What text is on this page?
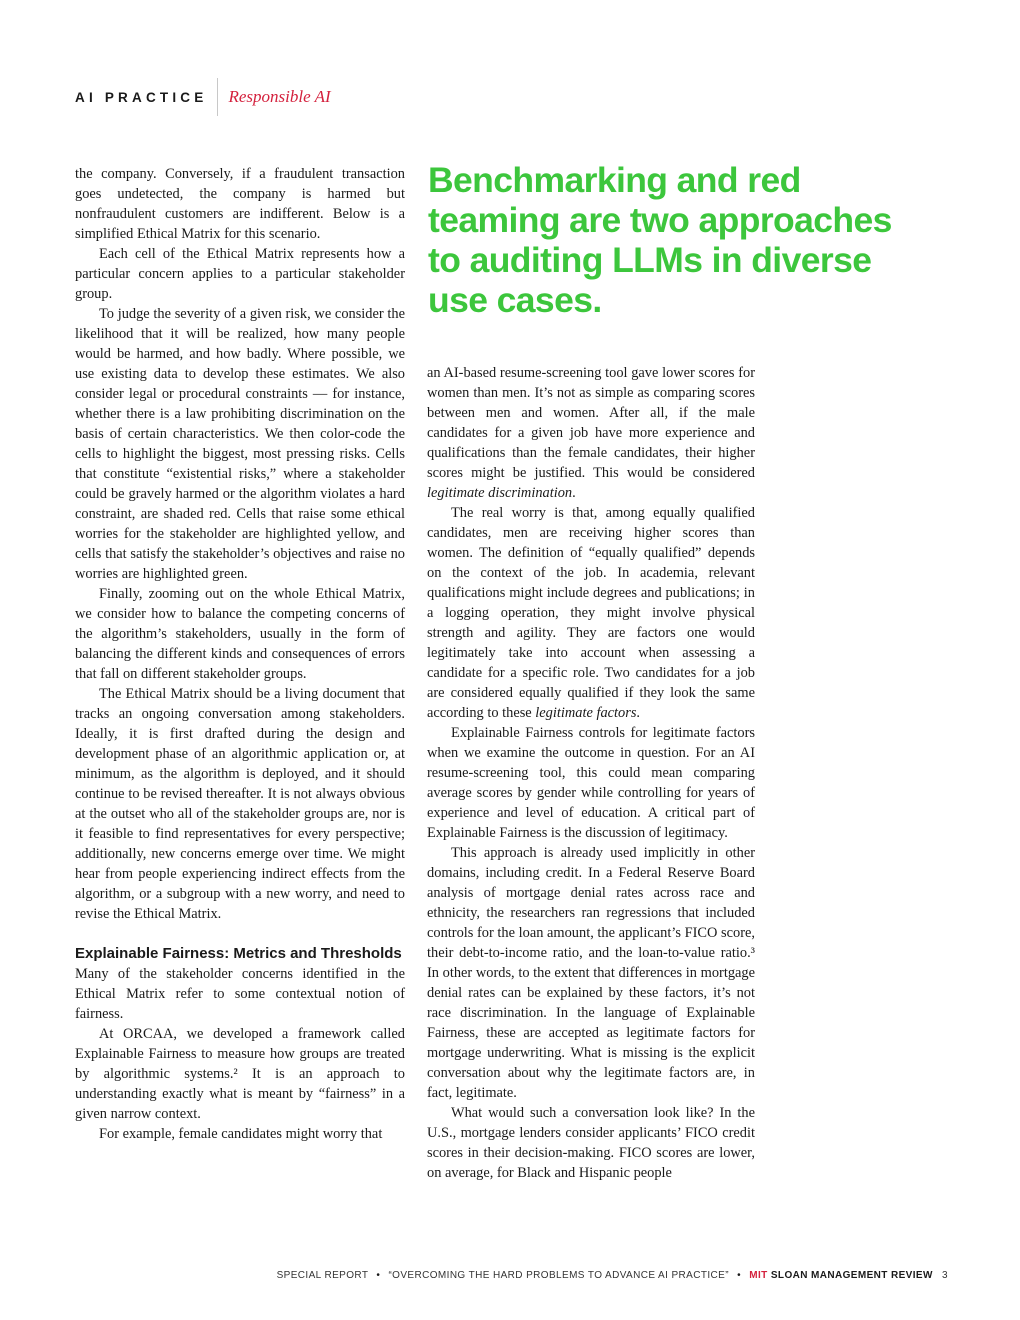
AI PRACTICE Responsible AI

the company. Conversely, if a fraudulent transaction goes undetected, the company is harmed but nonfraudulent customers are indifferent. Below is a simplified Ethical Matrix for this scenario.

Each cell of the Ethical Matrix represents how a particular concern applies to a particular stakeholder group.

To judge the severity of a given risk, we consider the likelihood that it will be realized, how many people would be harmed, and how badly. Where possible, we use existing data to develop these estimates. We also consider legal or procedural constraints — for instance, whether there is a law prohibiting discrimination on the basis of certain characteristics. We then color-code the cells to highlight the biggest, most pressing risks. Cells that constitute “existential risks,” where a stakeholder could be gravely harmed or the algorithm violates a hard constraint, are shaded red. Cells that raise some ethical worries for the stakeholder are highlighted yellow, and cells that satisfy the stakeholder’s objectives and raise no worries are highlighted green.

Finally, zooming out on the whole Ethical Matrix, we consider how to balance the competing concerns of the algorithm’s stakeholders, usually in the form of balancing the different kinds and consequences of errors that fall on different stakeholder groups.

The Ethical Matrix should be a living document that tracks an ongoing conversation among stakeholders. Ideally, it is first drafted during the design and development phase of an algorithmic application or, at minimum, as the algorithm is deployed, and it should continue to be revised thereafter. It is not always obvious at the outset who all of the stakeholder groups are, nor is it feasible to find representatives for every perspective; additionally, new concerns emerge over time. We might hear from people experiencing indirect effects from the algorithm, or a subgroup with a new worry, and need to revise the Ethical Matrix.

Explainable Fairness: Metrics and Thresholds

Many of the stakeholder concerns identified in the Ethical Matrix refer to some contextual notion of fairness.

At ORCAA, we developed a framework called Explainable Fairness to measure how groups are treated by algorithmic systems.² It is an approach to understanding exactly what is meant by “fairness” in a given narrow context.

For example, female candidates might worry that

Benchmarking and red teaming are two approaches to auditing LLMs in diverse use cases.

an AI-based resume-screening tool gave lower scores for women than men. It’s not as simple as comparing scores between men and women. After all, if the male candidates for a given job have more experience and qualifications than the female candidates, their higher scores might be justified. This would be considered legitimate discrimination.

The real worry is that, among equally qualified candidates, men are receiving higher scores than women. The definition of “equally qualified” depends on the context of the job. In academia, relevant qualifications might include degrees and publications; in a logging operation, they might involve physical strength and agility. They are factors one would legitimately take into account when assessing a candidate for a specific role. Two candidates for a job are considered equally qualified if they look the same according to these legitimate factors.

Explainable Fairness controls for legitimate factors when we examine the outcome in question. For an AI resume-screening tool, this could mean comparing average scores by gender while controlling for years of experience and level of education. A critical part of Explainable Fairness is the discussion of legitimacy.

This approach is already used implicitly in other domains, including credit. In a Federal Reserve Board analysis of mortgage denial rates across race and ethnicity, the researchers ran regressions that included controls for the loan amount, the applicant’s FICO score, their debt-to-income ratio, and the loan-to-value ratio.³ In other words, to the extent that differences in mortgage denial rates can be explained by these factors, it’s not race discrimination. In the language of Explainable Fairness, these are accepted as legitimate factors for mortgage underwriting. What is missing is the explicit conversation about why the legitimate factors are, in fact, legitimate.

What would such a conversation look like? In the U.S., mortgage lenders consider applicants’ FICO credit scores in their decision-making. FICO scores are lower, on average, for Black and Hispanic people

SPECIAL REPORT • “OVERCOMING THE HARD PROBLEMS TO ADVANCE AI PRACTICE” • MIT SLOAN MANAGEMENT REVIEW 3
